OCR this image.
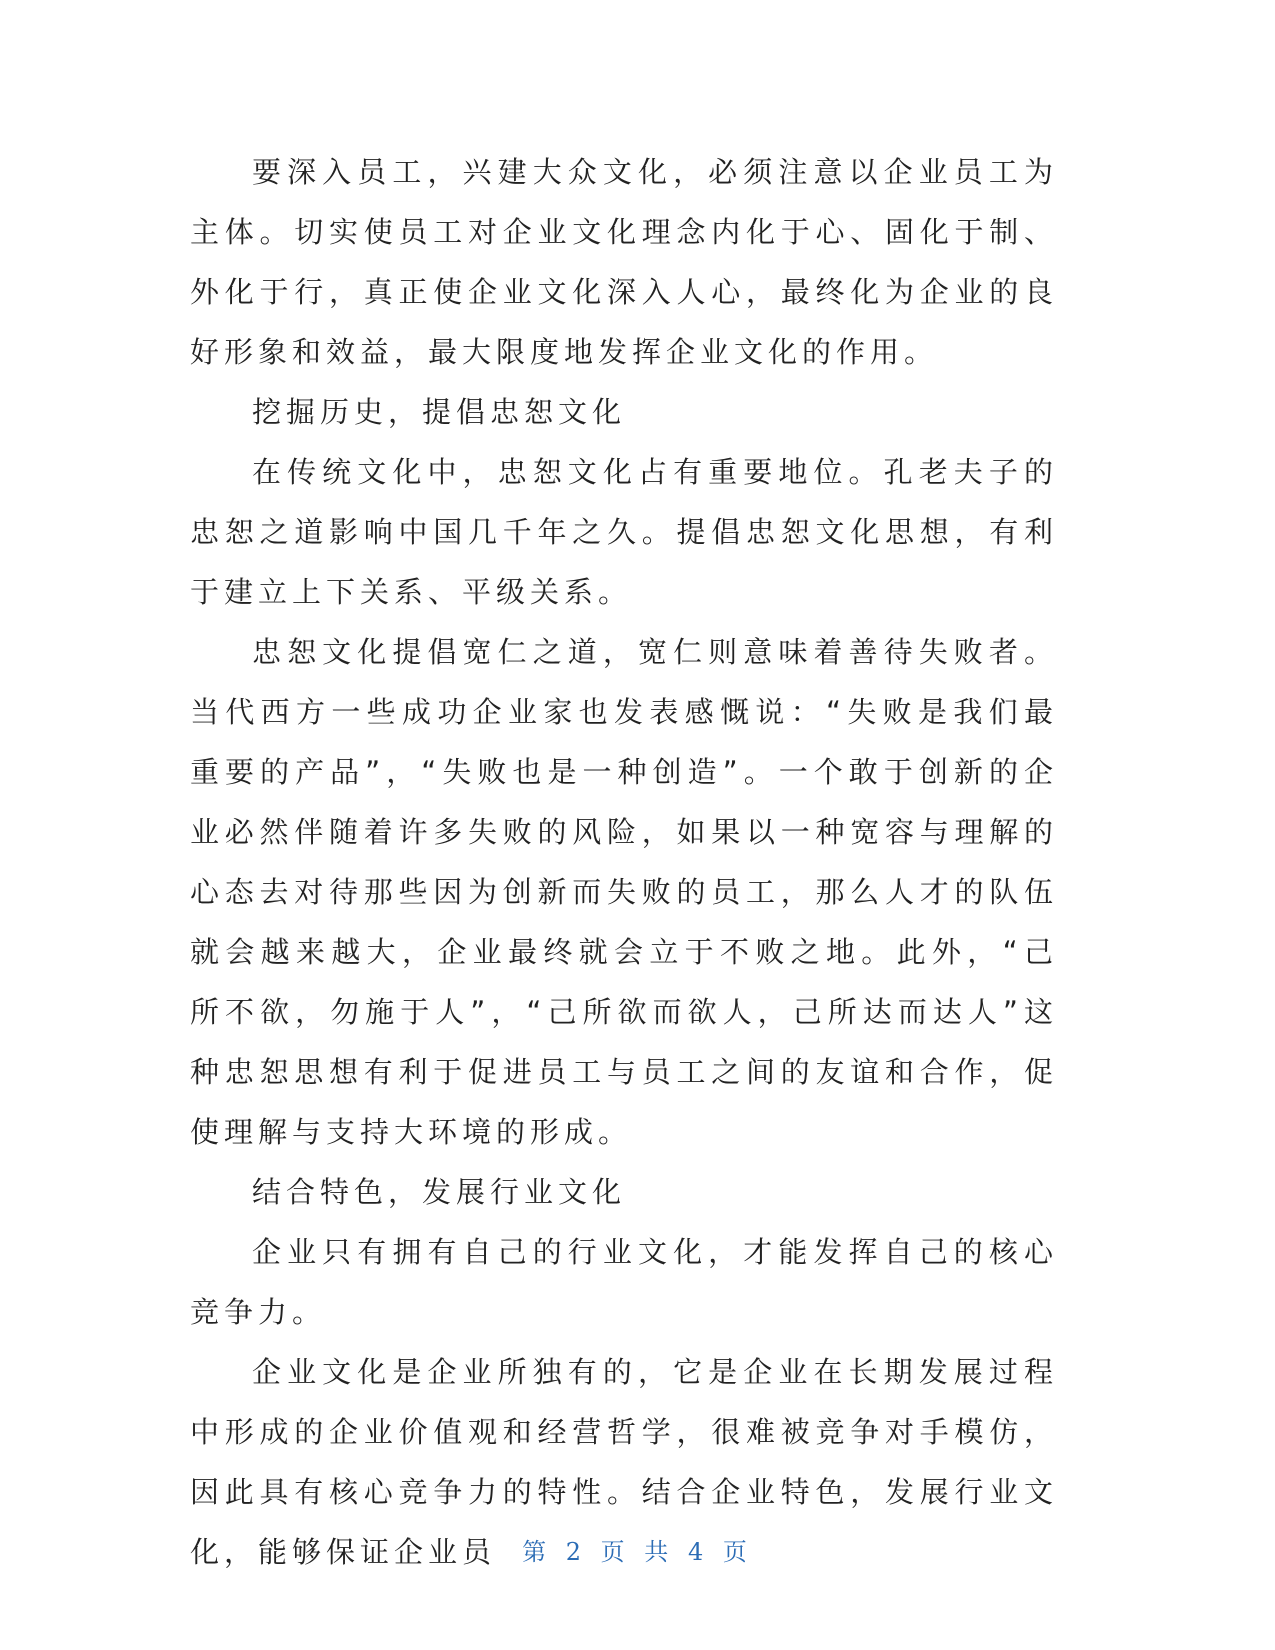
要深入员工，兴建大众文化，必须注意以企业员工为主体。切实使员工对企业文化理念内化于心、固化于制、外化于行，真正使企业文化深入人心，最终化为企业的良好形象和效益，最大限度地发挥企业文化的作用。

挖掘历史，提倡忠恕文化

在传统文化中，忠恕文化占有重要地位。孔老夫子的忠恕之道影响中国几千年之久。提倡忠恕文化思想，有利于建立上下关系、平级关系。

忠恕文化提倡宽仁之道，宽仁则意味着善待失败者。当代西方一些成功企业家也发表感慨说：“失败是我们最重要的产品”，“失败也是一种创造”。一个敢于创新的企业必然伴随着许多失败的风险，如果以一种宽容与理解的心态去对待那些因为创新而失败的员工，那么人才的队伍就会越来越大，企业最终就会立于不败之地。此外，“己所不欲，勿施于人”，“己所欲而欲人，己所达而达人”这种忠恕思想有利于促进员工与员工之间的友谊和合作，促使理解与支持大环境的形成。

结合特色，发展行业文化

企业只有拥有自己的行业文化，才能发挥自己的核心竞争力。

企业文化是企业所独有的，它是企业在长期发展过程中形成的企业价值观和经营哲学，很难被竞争对手模仿，因此具有核心竞争力的特性。结合企业特色，发展行业文化，能够保证企业员	第 2 页 共 4 页
